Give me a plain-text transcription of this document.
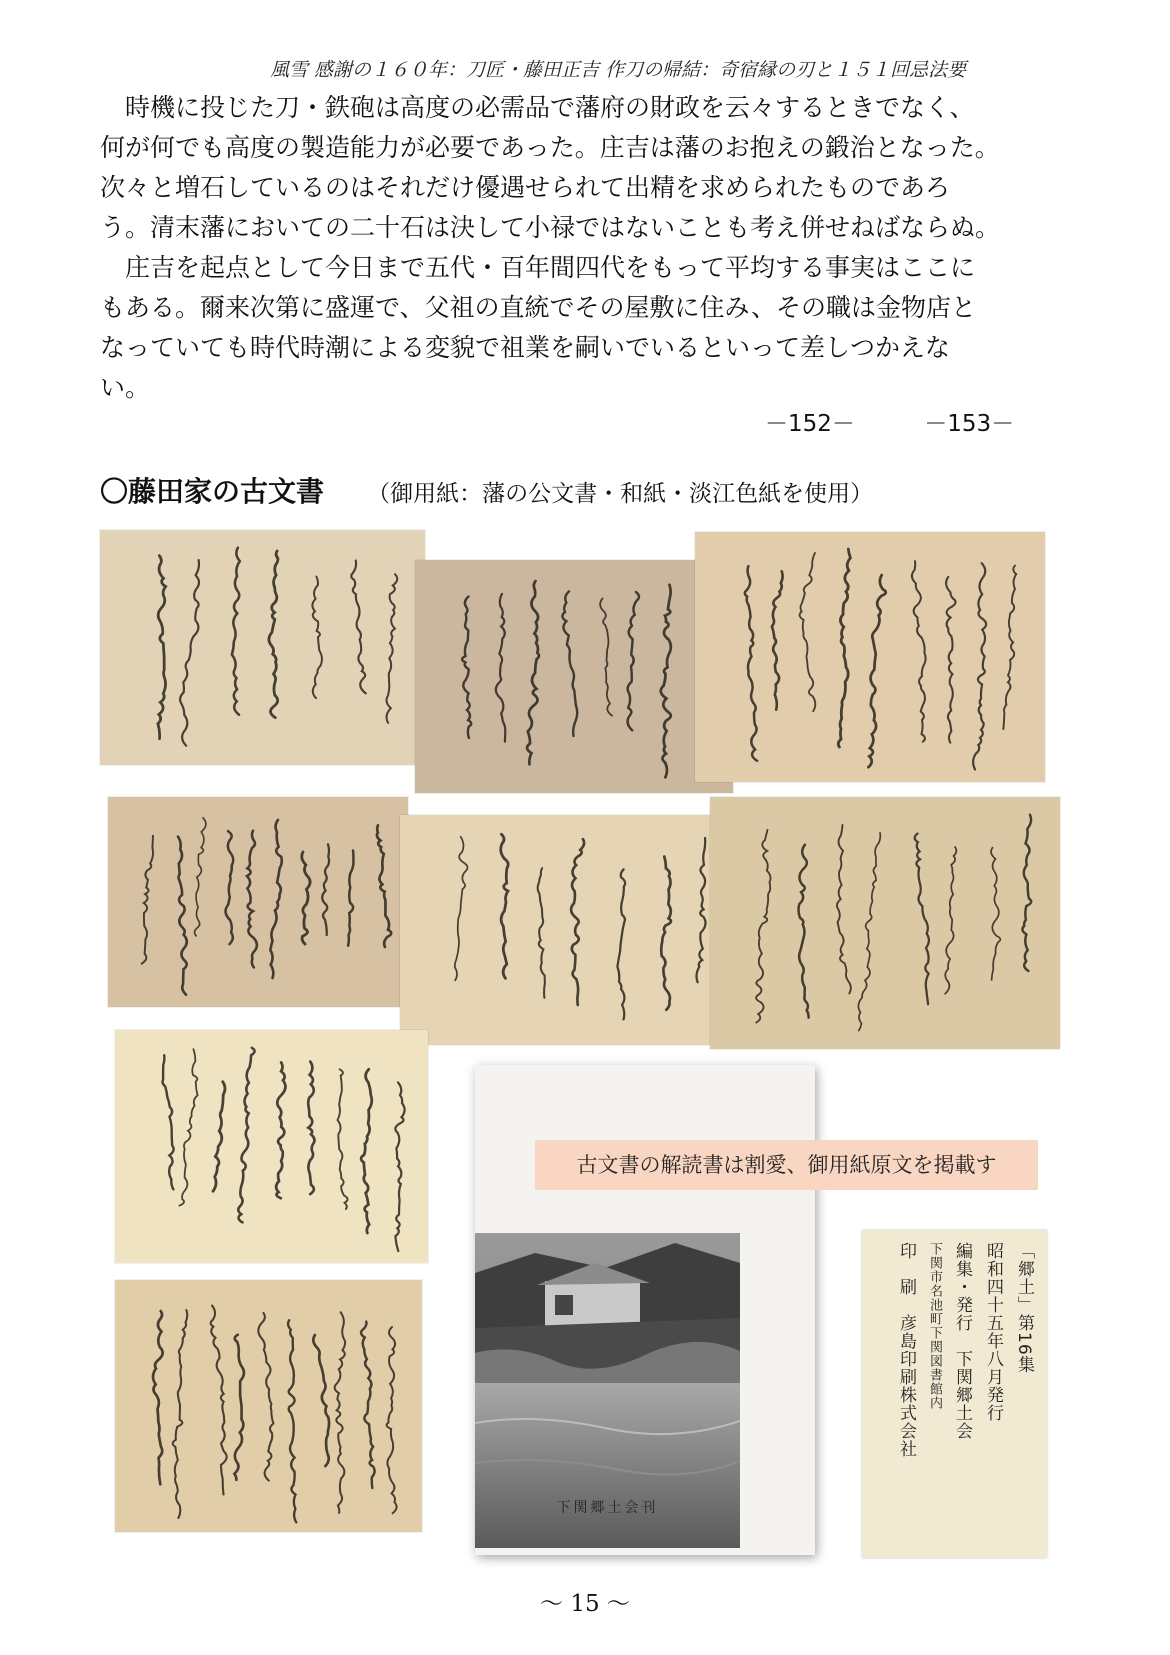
風雪 感謝の１６０年：刀匠・藤田正吉 作刀の帰結：奇宿縁の刃と１５１回忌法要
　時機に投じた刀・鉄砲は高度の必需品で藩府の財政を云々するときでなく、
何が何でも高度の製造能力が必要であった。庄吉は藩のお抱えの鍛治となった。
次々と増石しているのはそれだけ優遇せられて出精を求められたものであろ
う。清末藩においての二十石は決して小禄ではないことも考え併せねばならぬ。
　庄吉を起点として今日まで五代・百年間四代をもって平均する事実はここに
もある。爾来次第に盛運で、父祖の直統でその屋敷に住み、その職は金物店と
なっていても時代時潮による変貌で祖業を嗣いでいるといって差しつかえな
い。
－152－	－153－
〇藤田家の古文書 （御用紙：藩の公文書・和紙・淡江色紙を使用）
下関郷土会刊
古文書の解読書は割愛、御用紙原文を掲載す
「郷土」第16集
昭和四十五年八月発行
編集・発行　下関郷土会
下関市名池町下関図書館内
印　刷　彦島印刷株式会社
～ 15 ～
